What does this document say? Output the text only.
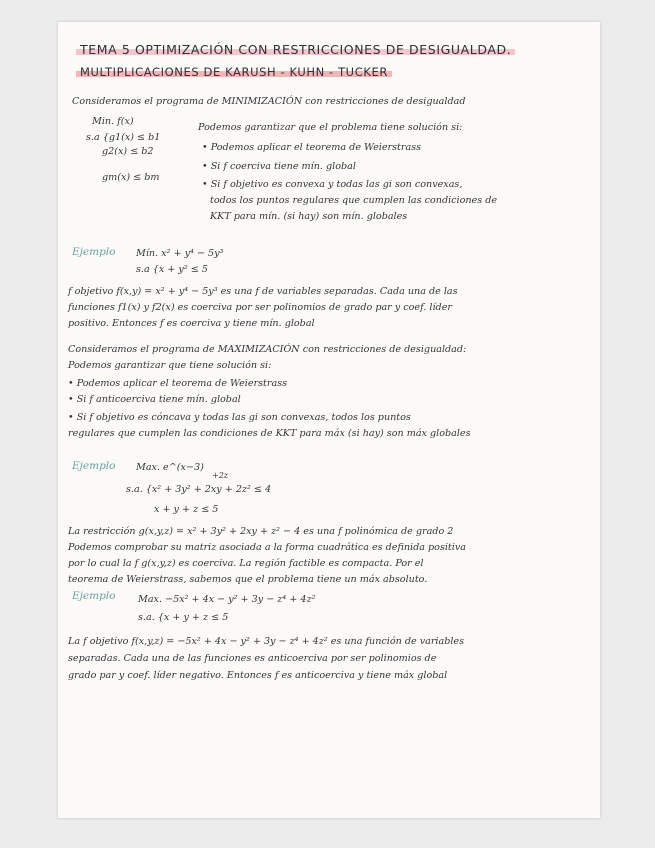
TEMA 5 OPTIMIZACIÓN CON RESTRICCIONES DE DESIGUALDAD.
MULTIPLICACIONES DE KARUSH - KUHN - TUCKER
Consideramos el programa de MINIMIZACIÓN con restricciones de desigualdad
Min. f(x)
s.a {g1(x) ≤ b1
g2(x) ≤ b2
gm(x) ≤ bm
Podemos garantizar que el problema tiene solución si:
• Podemos aplicar el teorema de Weierstrass
• Si f coerciva tiene mín. global
• Si f objetivo es convexa y todas las gi son convexas,
todos los puntos regulares que cumplen las condiciones de
KKT para mín. (si hay) son mín. globales
Ejemplo Mín. x² + y⁴ − 5y³
s.a {x + y² ≤ 5
f objetivo f(x,y) = x² + y⁴ − 5y³ es una f de variables separadas. Cada una de las
funciones f1(x) y f2(x) es coerciva por ser polinomios de grado par y coef. líder
positivo. Entonces f es coerciva y tiene mín. global
Consideramos el programa de MAXIMIZACIÓN con restricciones de desigualdad:
Podemos garantizar que tiene solución si:
• Podemos aplicar el teorema de Weierstrass
• Si f anticoerciva tiene mín. global
• Si f objetivo es cóncava y todas las gi son convexas, todos los puntos
regulares que cumplen las condiciones de KKT para máx (si hay) son máx globales
Ejemplo Max. e^(x−3)
+2z
s.a. {x² + 3y² + 2xy + 2z² ≤ 4
x + y + z ≤ 5
La restricción g(x,y,z) = x² + 3y² + 2xy + z² − 4 es una f polinómica de grado 2
Podemos comprobar su matriz asociada a la forma cuadrática es definida positiva
por lo cual la f g(x,y,z) es coerciva. La región factible es compacta. Por el
teorema de Weierstrass, sabemos que el problema tiene un máx absoluto.
Ejemplo Max. −5x² + 4x − y² + 3y − z⁴ + 4z²
s.a. {x + y + z ≤ 5
La f objetivo f(x,y,z) = −5x² + 4x − y² + 3y − z⁴ + 4z² es una función de variables
separadas. Cada una de las funciones es anticoerciva por ser polinomios de
grado par y coef. líder negativo. Entonces f es anticoerciva y tiene máx global
